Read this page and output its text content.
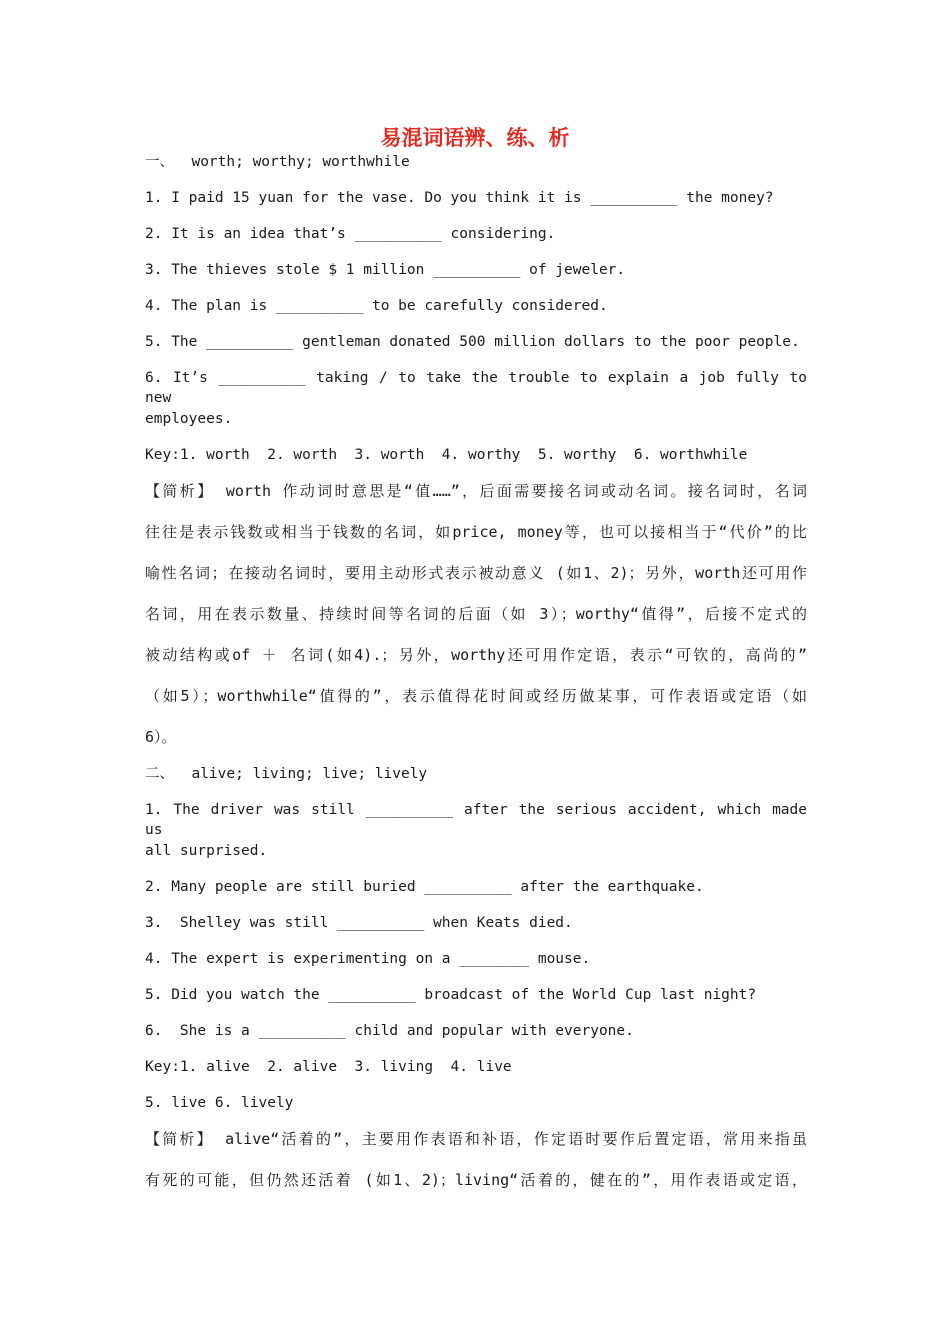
易混词语辨、练、析

一、  worth; worthy; worthwhile

1. I paid 15 yuan for the vase. Do you think it is __________ the money?

2. It is an idea that’s __________ considering.

3. The thieves stole $ 1 million __________ of jeweler.

4. The plan is __________ to be carefully considered.

5. The __________ gentleman donated 500 million dollars to the poor people.

6. It’s __________ taking / to take the trouble to explain a job fully to new

employees.

Key:1. worth  2. worth  3. worth  4. worthy  5. worthy  6. worthwhile

【简析】 worth 作动词时意思是“值……”，后面需要接名词或动名词。接名词时，名词

往往是表示钱数或相当于钱数的名词，如price, money等，也可以接相当于“代价”的比

喻性名词；在接动名词时，要用主动形式表示被动意义 (如1、2)；另外，worth还可用作

名词，用在表示数量、持续时间等名词的后面（如 3）；worthy“值得”，后接不定式的

被动结构或of ＋ 名词(如4).；另外，worthy还可用作定语，表示“可钦的，高尚的”

（如5）；worthwhile“值得的”，表示值得花时间或经历做某事，可作表语或定语（如

6）。

二、  alive; living; live; lively

1. The driver was still __________ after the serious accident, which made us

all surprised.

2. Many people are still buried __________ after the earthquake.

3.  Shelley was still __________ when Keats died.

4. The expert is experimenting on a ________ mouse.

5. Did you watch the __________ broadcast of the World Cup last night?

6.  She is a __________ child and popular with everyone.

Key:1. alive  2. alive  3. living  4. live

5. live 6. lively

【简析】 alive“活着的”，主要用作表语和补语，作定语时要作后置定语，常用来指虽

有死的可能，但仍然还活着 (如1、2)；living“活着的，健在的”，用作表语或定语，
